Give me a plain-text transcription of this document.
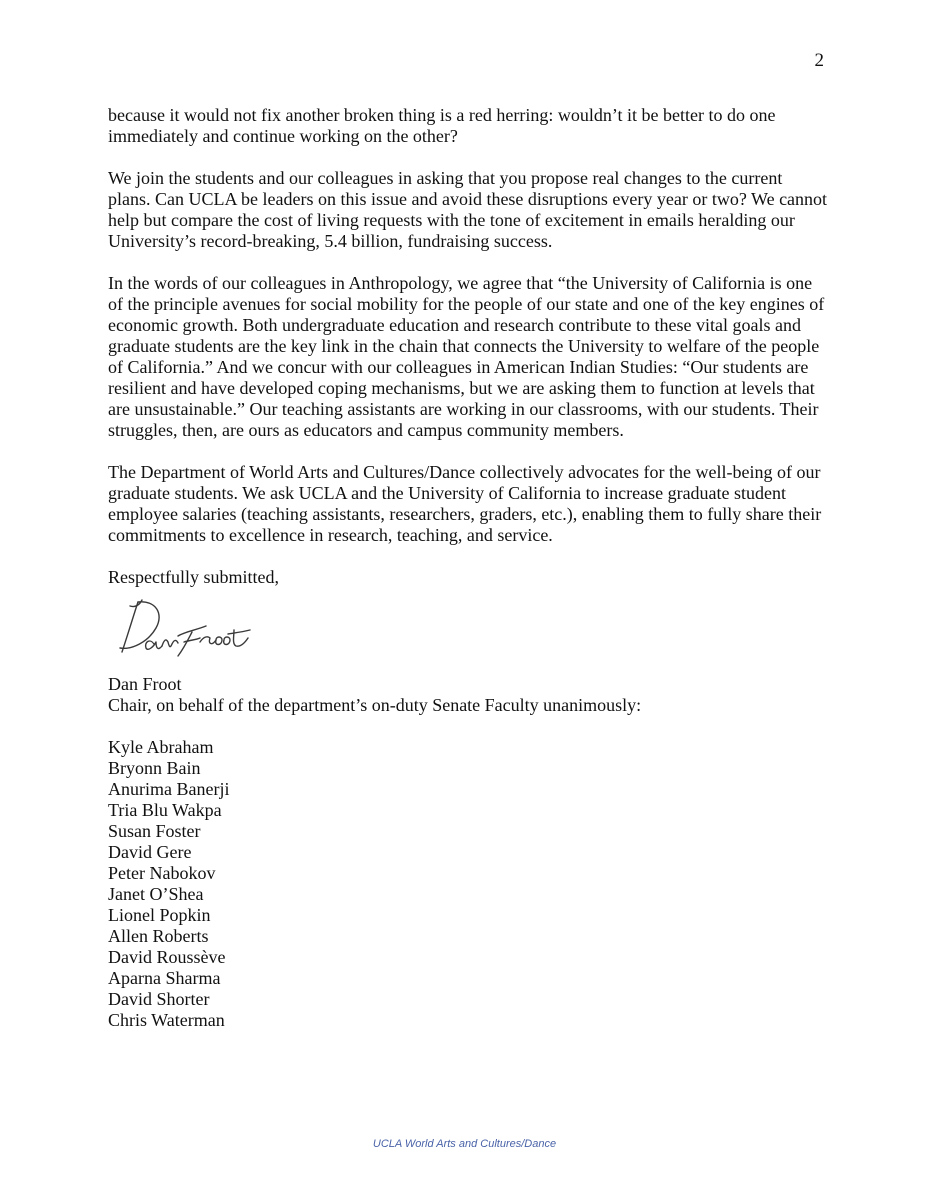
2

because it would not fix another broken thing is a red herring: wouldn’t it be better to do one immediately and continue working on the other?

We join the students and our colleagues in asking that you propose real changes to the current plans. Can UCLA be leaders on this issue and avoid these disruptions every year or two? We cannot help but compare the cost of living requests with the tone of excitement in emails heralding our University’s record-breaking, 5.4 billion, fundraising success.

In the words of our colleagues in Anthropology, we agree that “the University of California is one of the principle avenues for social mobility for the people of our state and one of the key engines of economic growth. Both undergraduate education and research contribute to these vital goals and graduate students are the key link in the chain that connects the University to welfare of the people of California.” And we concur with our colleagues in American Indian Studies: “Our students are resilient and have developed coping mechanisms, but we are asking them to function at levels that are unsustainable.” Our teaching assistants are working in our classrooms, with our students. Their struggles, then, are ours as educators and campus community members.

The Department of World Arts and Cultures/Dance collectively advocates for the well-being of our graduate students. We ask UCLA and the University of California to increase graduate student employee salaries (teaching assistants, researchers, graders, etc.), enabling them to fully share their commitments to excellence in research, teaching, and service.

Respectfully submitted,

Dan Froot
Chair, on behalf of the department’s on-duty Senate Faculty unanimously:
Kyle Abraham
Bryonn Bain
Anurima Banerji
Tria Blu Wakpa
Susan Foster
David Gere
Peter Nabokov
Janet O’Shea
Lionel Popkin
Allen Roberts
David Roussève
Aparna Sharma
David Shorter
Chris Waterman
UCLA World Arts and Cultures/Dance
